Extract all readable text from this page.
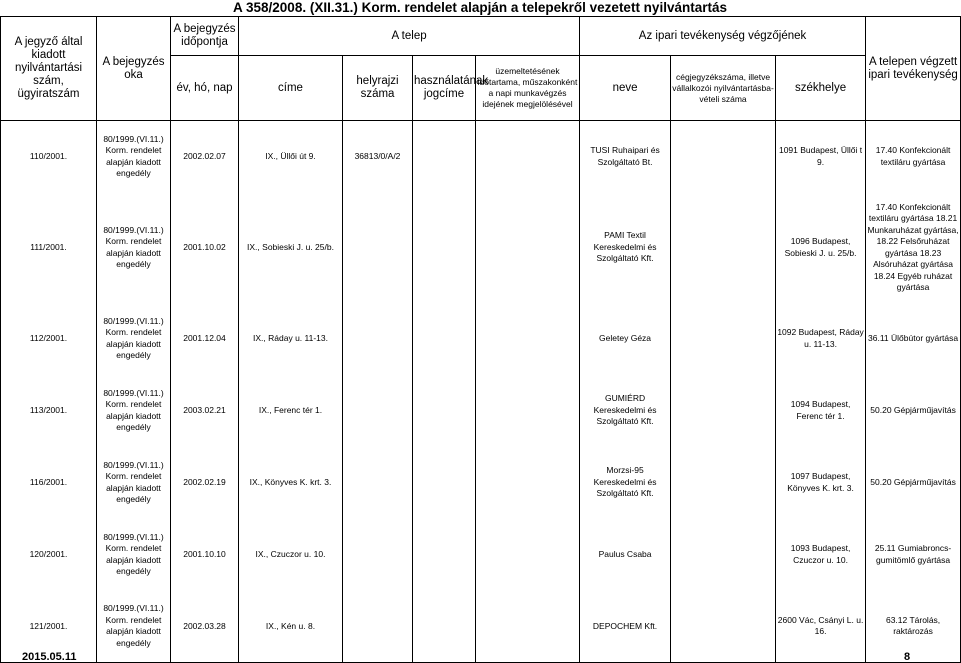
A 358/2008. (XII.31.) Korm. rendelet alapján a telepekről vezetett nyilvántartás
A jegyző által kiadott nyilvántartási szám, ügyiratszám	A bejegyzés oka	A bejegyzés időpontja	A telep				Az ipari tevékenység végzőjének			A telepen végzett ipari tevékenység
		év, hó, nap	címe	helyrajzi száma	használatának jogcíme	üzemeltetésének időtartama, műszakonként a napi munkavégzés idejének megjelölésével	neve	cégjegyzékszáma, illetve vállalkozói nyilvántartásba-vételi száma	székhelye	
110/2001.	80/1999.(VI.11.) Korm. rendelet alapján kiadott engedély	2002.02.07	IX., Üllői út 9.	36813/0/A/2			TUSI Ruhaipari és Szolgáltató Bt.		1091 Budapest, Üllői t 9.	17.40 Konfekcionált textiláru gyártása
111/2001.	80/1999.(VI.11.) Korm. rendelet alapján kiadott engedély	2001.10.02	IX., Sobieski J. u. 25/b.				PAMI Textil Kereskedelmi és Szolgáltató Kft.		1096 Budapest, Sobieski J. u. 25/b.	17.40 Konfekcionált textiláru gyártása 18.21 Munkaruházat gyártása, 18.22 Felsőruházat gyártása 18.23 Alsóruházat gyártása 18.24 Egyéb ruházat gyártása
112/2001.	80/1999.(VI.11.) Korm. rendelet alapján kiadott engedély	2001.12.04	IX., Ráday u. 11-13.				Geletey Géza		1092 Budapest, Ráday u. 11-13.	36.11 Ülőbútor gyártása
113/2001.	80/1999.(VI.11.) Korm. rendelet alapján kiadott engedély	2003.02.21	IX., Ferenc tér 1.				GUMIÉRD Kereskedelmi és Szolgáltató Kft.		1094 Budapest, Ferenc tér 1.	50.20 Gépjárműjavítás
116/2001.	80/1999.(VI.11.) Korm. rendelet alapján kiadott engedély	2002.02.19	IX., Könyves K. krt. 3.				Morzsi-95 Kereskedelmi és Szolgáltató Kft.		1097 Budapest, Könyves K. krt. 3.	50.20 Gépjárműjavítás
120/2001.	80/1999.(VI.11.) Korm. rendelet alapján kiadott engedély	2001.10.10	IX., Czuczor u. 10.				Paulus Csaba		1093 Budapest, Czuczor u. 10.	25.11 Gumiabroncs-gumitömlő gyártása
121/2001.	80/1999.(VI.11.) Korm. rendelet alapján kiadott engedély	2002.03.28	IX., Kén u. 8.				DEPOCHEM Kft.		2600 Vác, Csányi L. u. 16.	63.12 Tárolás, raktározás
2015.05.11	8
